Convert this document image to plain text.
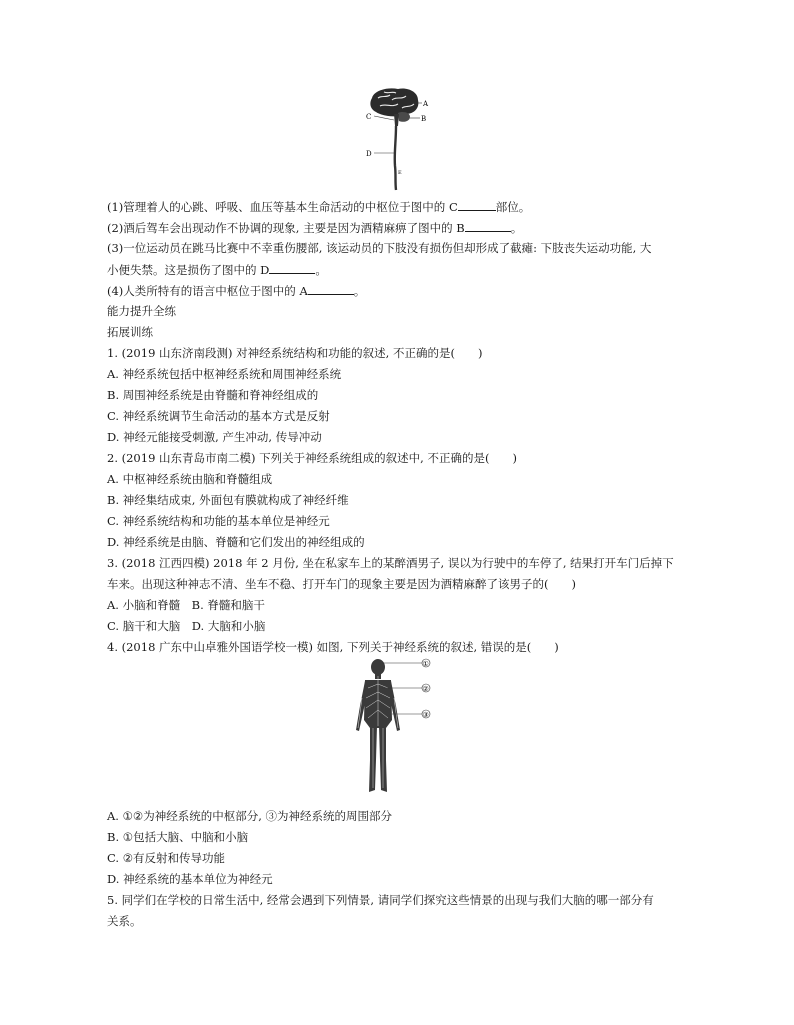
A
B
C
D
E
(1)管理着人的心跳、呼吸、血压等基本生命活动的中枢位于图中的 C	部位。
(2)酒后驾车会出现动作不协调的现象, 主要是因为酒精麻痹了图中的 B	。
(3)一位运动员在跳马比赛中不幸重伤腰部, 该运动员的下肢没有损伤但却形成了截瘫: 下肢丧失运动功能, 大
小便失禁。这是损伤了图中的 D	。
(4)人类所特有的语言中枢位于图中的 A	。
能力提升全练
拓展训练
1. (2019 山东济南段测) 对神经系统结构和功能的叙述, 不正确的是(　　)
A. 神经系统包括中枢神经系统和周围神经系统
B. 周围神经系统是由脊髓和脊神经组成的
C. 神经系统调节生命活动的基本方式是反射
D. 神经元能接受刺激, 产生冲动, 传导冲动
2. (2019 山东青岛市南二模) 下列关于神经系统组成的叙述中, 不正确的是(　　)
A. 中枢神经系统由脑和脊髓组成
B. 神经集结成束, 外面包有膜就构成了神经纤维
C. 神经系统结构和功能的基本单位是神经元
D. 神经系统是由脑、脊髓和它们发出的神经组成的
3. (2018 江西四模) 2018 年 2 月份, 坐在私家车上的某醉酒男子, 误以为行驶中的车停了, 结果打开车门后掉下
车来。出现这种神志不清、坐车不稳、打开车门的现象主要是因为酒精麻醉了该男子的(　　)
A. 小脑和脊髓　B. 脊髓和脑干
C. 脑干和大脑　D. 大脑和小脑
4. (2018 广东中山卓雅外国语学校一模) 如图, 下列关于神经系统的叙述, 错误的是(　　)
①
②
③
A. ①②为神经系统的中枢部分, ③为神经系统的周围部分
B. ①包括大脑、中脑和小脑
C. ②有反射和传导功能
D. 神经系统的基本单位为神经元
5. 同学们在学校的日常生活中, 经常会遇到下列情景, 请同学们探究这些情景的出现与我们大脑的哪一部分有
关系。
